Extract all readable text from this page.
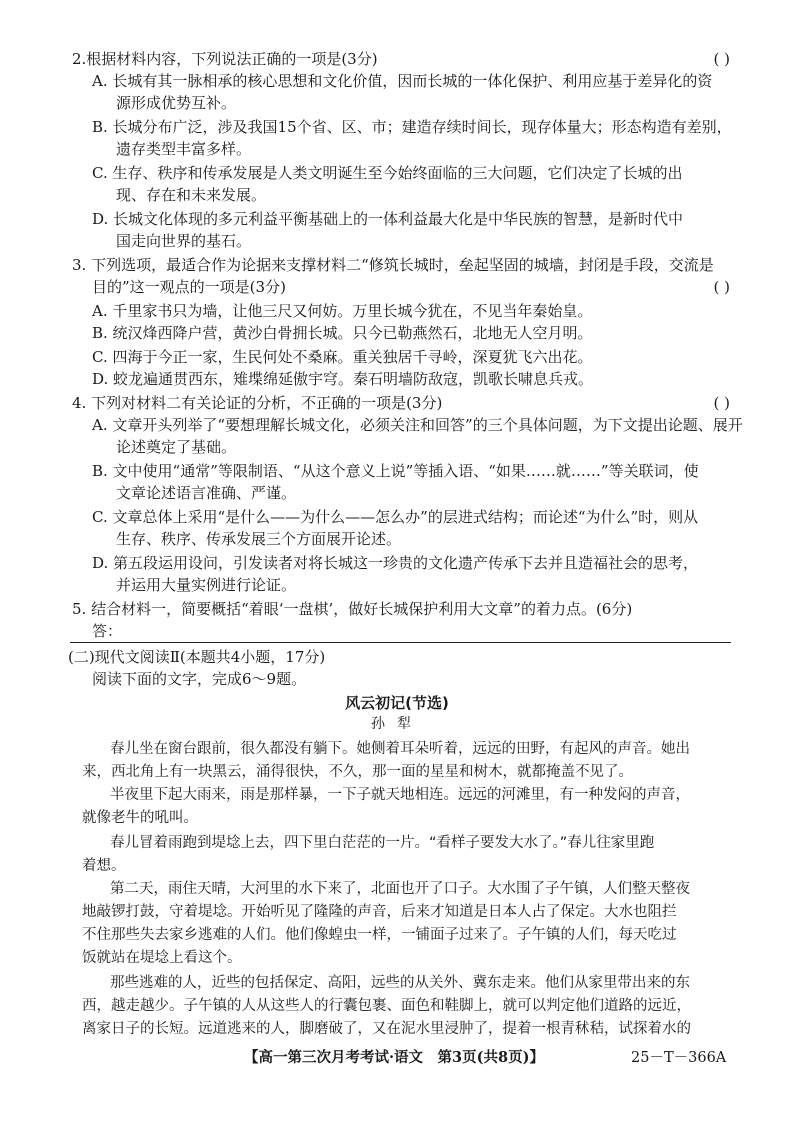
2.根据材料内容，下列说法正确的一项是(3分)	( )
A. 长城有其一脉相承的核心思想和文化价值，因而长城的一体化保护、利用应基于差异化的资
源形成优势互补。
B. 长城分布广泛，涉及我国15个省、区、市；建造存续时间长，现存体量大；形态构造有差别，
遗存类型丰富多样。
C. 生存、秩序和传承发展是人类文明诞生至今始终面临的三大问题，它们决定了长城的出
现、存在和未来发展。
D. 长城文化体现的多元利益平衡基础上的一体利益最大化是中华民族的智慧，是新时代中
国走向世界的基石。
3. 下列选项，最适合作为论据来支撑材料二“修筑长城时，垒起坚固的城墙，封闭是手段，交流是
目的”这一观点的一项是(3分)	( )
A. 千里家书只为墙，让他三尺又何妨。万里长城今犹在，不见当年秦始皇。
B. 统汉烽西降户营，黄沙白骨拥长城。只今已勒燕然石，北地无人空月明。
C. 四海于今正一家，生民何处不桑麻。重关独居千寻岭，深夏犹飞六出花。
D. 蛟龙遍通贯西东，雉堞绵延傲宇穹。秦石明墙防敌寇，凯歌长啸息兵戎。
4. 下列对材料二有关论证的分析，不正确的一项是(3分)	( )
A. 文章开头列举了“要想理解长城文化，必须关注和回答”的三个具体问题，为下文提出论题、展开
论述奠定了基础。
B. 文中使用“通常”等限制语、“从这个意义上说”等插入语、“如果……就……”等关联词，使
文章论述语言准确、严谨。
C. 文章总体上采用“是什么——为什么——怎么办”的层进式结构；而论述“为什么”时，则从
生存、秩序、传承发展三个方面展开论述。
D. 第五段运用设问，引发读者对将长城这一珍贵的文化遗产传承下去并且造福社会的思考，
并运用大量实例进行论证。
5. 结合材料一，简要概括“着眼‘一盘棋’，做好长城保护利用大文章”的着力点。(6分)
答：
(二)现代文阅读Ⅱ(本题共4小题，17分)
阅读下面的文字，完成6～9题。
风云初记(节选)
孙犁
春儿坐在窗台跟前，很久都没有躺下。她侧着耳朵听着，远远的田野，有起风的声音。她出
来，西北角上有一块黑云，涌得很快，不久，那一面的星星和树木，就都掩盖不见了。
半夜里下起大雨来，雨是那样暴，一下子就天地相连。远远的河滩里，有一种发闷的声音，
就像老牛的吼叫。
春儿冒着雨跑到堤埝上去，四下里白茫茫的一片。“看样子要发大水了。”春儿往家里跑
着想。
第二天，雨住天晴，大河里的水下来了，北面也开了口子。大水围了子午镇，人们整天整夜
地敲锣打鼓，守着堤埝。开始听见了隆隆的声音，后来才知道是日本人占了保定。大水也阻拦
不住那些失去家乡逃难的人们。他们像蝗虫一样，一铺面子过来了。子午镇的人们，每天吃过
饭就站在堤埝上看这个。
那些逃难的人，近些的包括保定、高阳，远些的从关外、冀东走来。他们从家里带出来的东
西，越走越少。子午镇的人从这些人的行囊包裹、面色和鞋脚上，就可以判定他们道路的远近，
离家日子的长短。远道逃来的人，脚磨破了，又在泥水里浸肿了，提着一根青秫秸，试探着水的
【高一第三次月考考试·语文　第3页(共8页)】	25－T－366A
